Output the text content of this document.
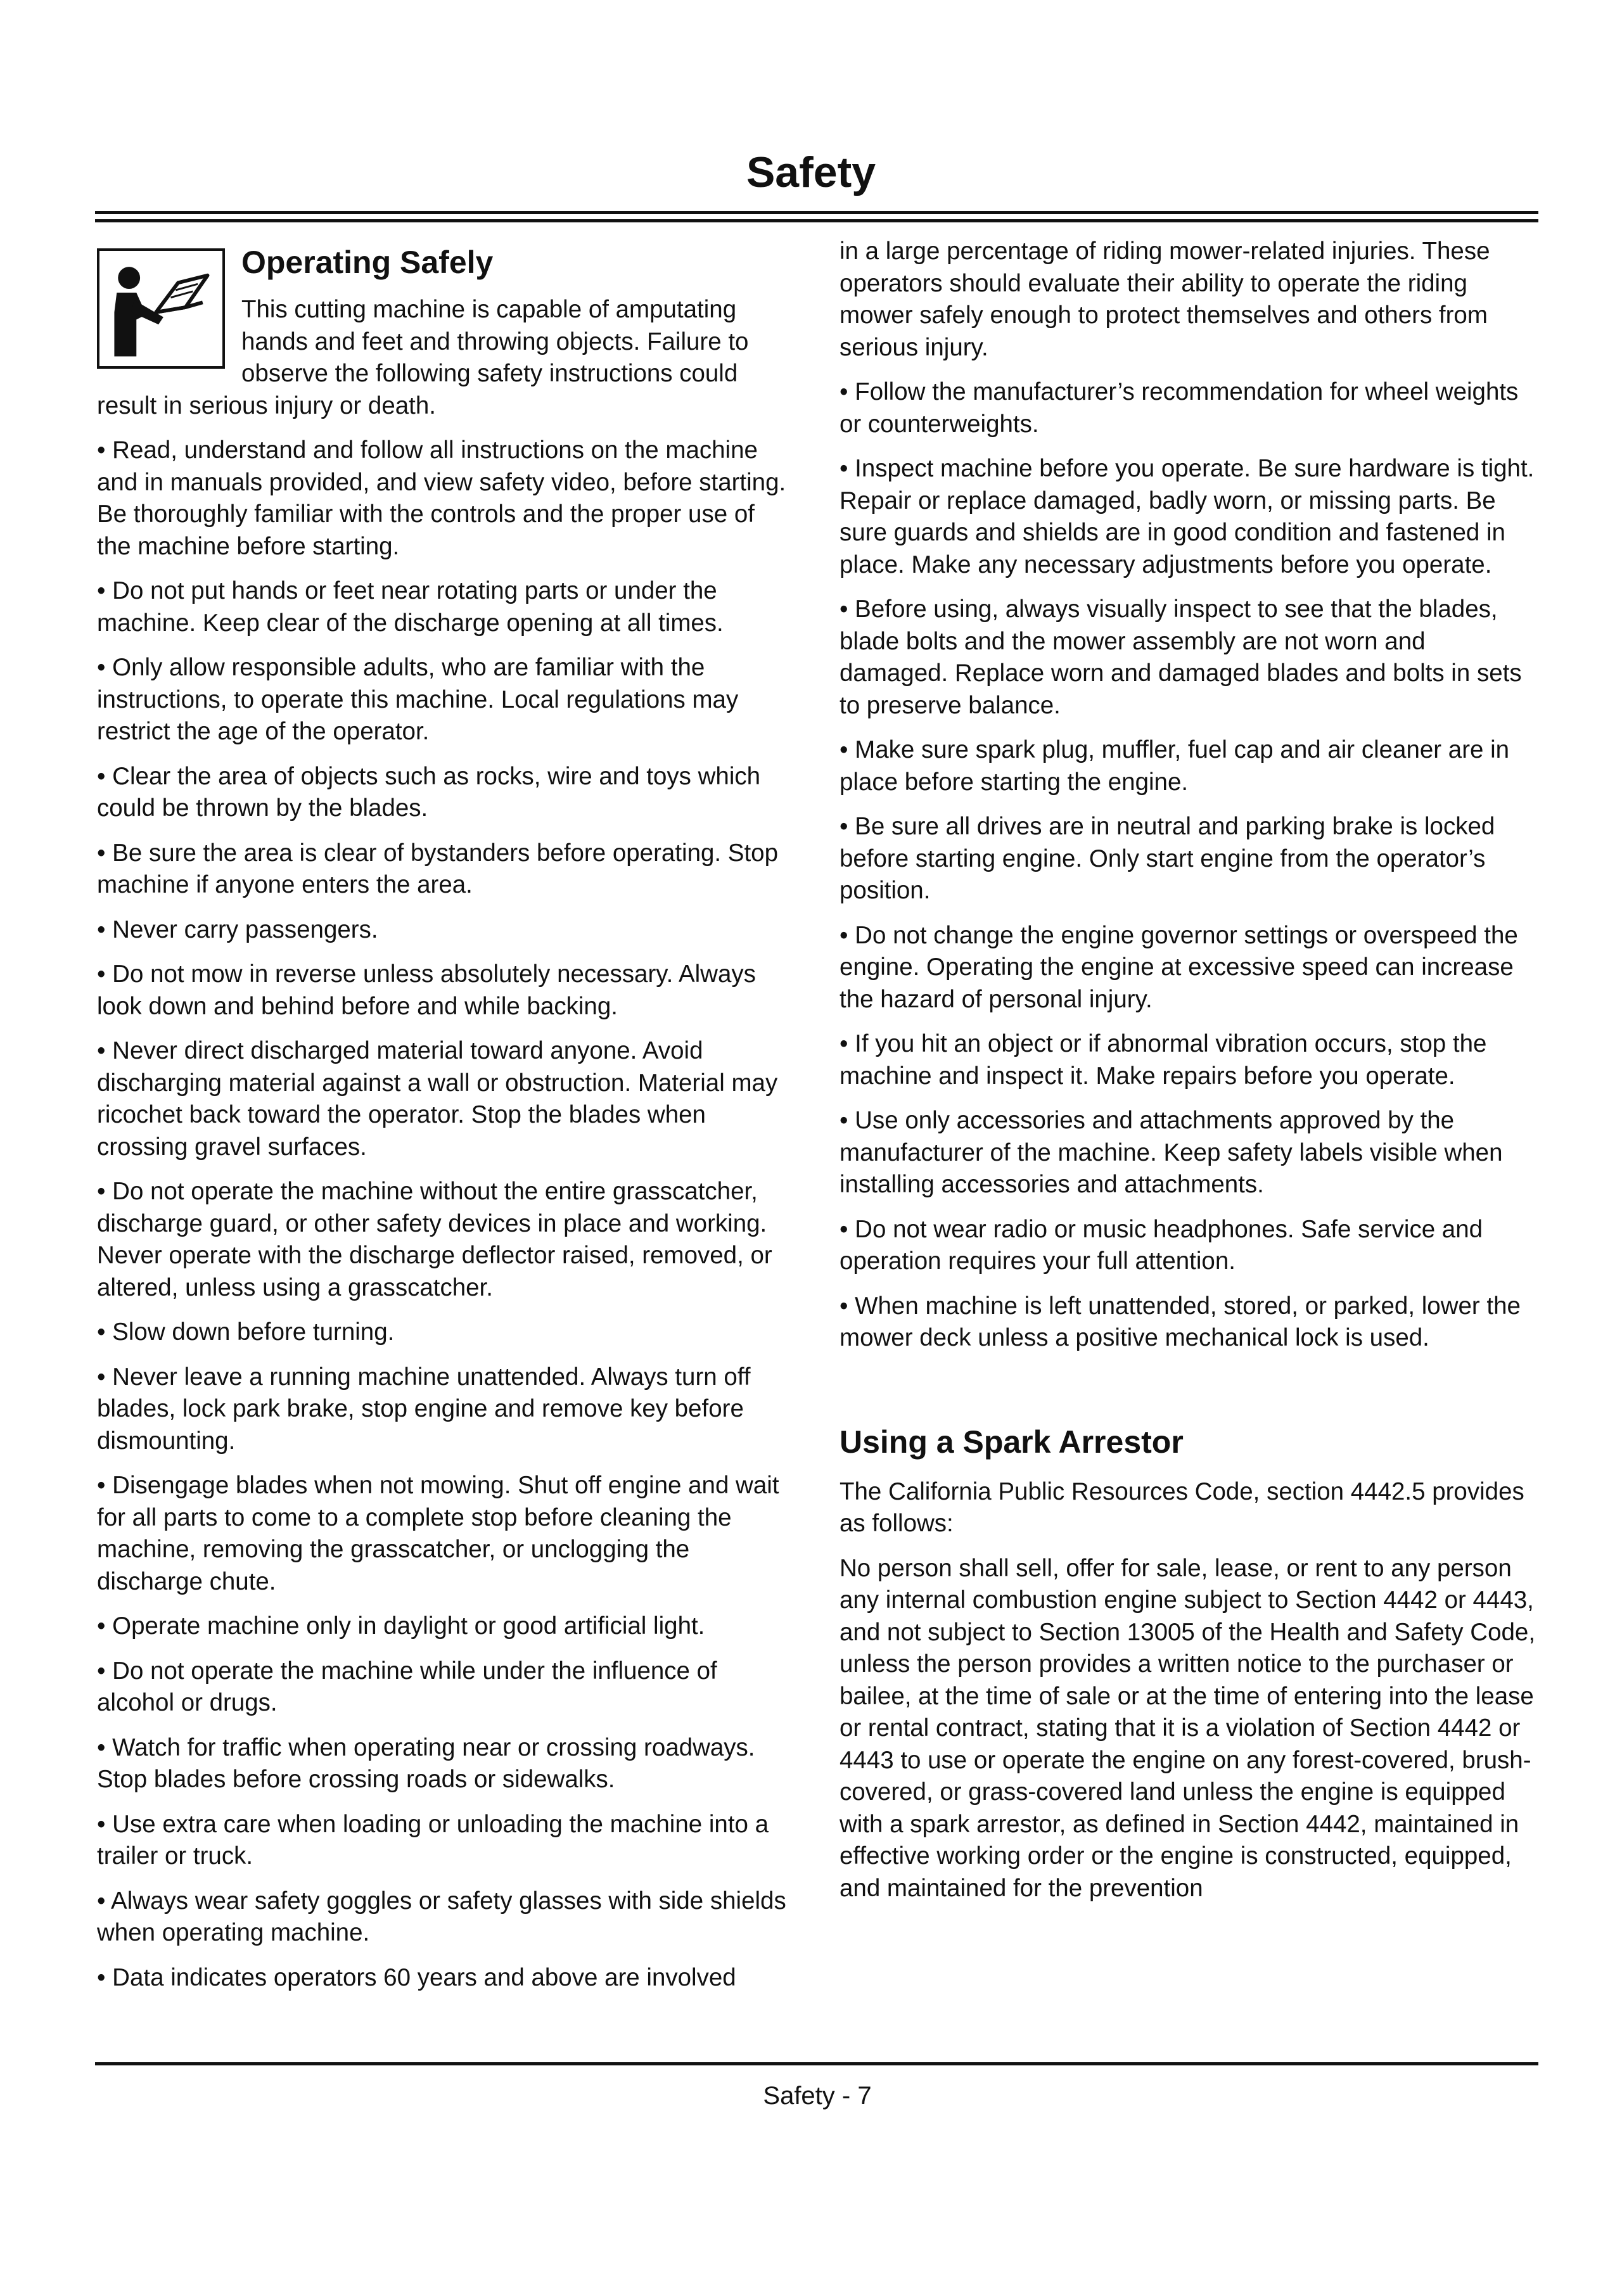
Safety
Operating Safely

This cutting machine is capable of amputating hands and feet and throwing objects. Failure to observe the following safety instructions could result in serious injury or death.

• Read, understand and follow all instructions on the machine and in manuals provided, and view safety video, before starting. Be thoroughly familiar with the controls and the proper use of the machine before starting.

• Do not put hands or feet near rotating parts or under the machine. Keep clear of the discharge opening at all times.

• Only allow responsible adults, who are familiar with the instructions, to operate this machine. Local regulations may restrict the age of the operator.

• Clear the area of objects such as rocks, wire and toys which could be thrown by the blades.

• Be sure the area is clear of bystanders before operating. Stop machine if anyone enters the area.

• Never carry passengers.

• Do not mow in reverse unless absolutely necessary. Always look down and behind before and while backing.

• Never direct discharged material toward anyone. Avoid discharging material against a wall or obstruction. Material may ricochet back toward the operator. Stop the blades when crossing gravel surfaces.

• Do not operate the machine without the entire grasscatcher, discharge guard, or other safety devices in place and working. Never operate with the discharge deflector raised, removed, or altered, unless using a grasscatcher.

• Slow down before turning.

• Never leave a running machine unattended. Always turn off blades, lock park brake, stop engine and remove key before dismounting.

• Disengage blades when not mowing. Shut off engine and wait for all parts to come to a complete stop before cleaning the machine, removing the grasscatcher, or unclogging the discharge chute.

• Operate machine only in daylight or good artificial light.

• Do not operate the machine while under the influence of alcohol or drugs.

• Watch for traffic when operating near or crossing roadways. Stop blades before crossing roads or sidewalks.

• Use extra care when loading or unloading the machine into a trailer or truck.

• Always wear safety goggles or safety glasses with side shields when operating machine.

• Data indicates operators 60 years and above are involved

in a large percentage of riding mower-related injuries. These operators should evaluate their ability to operate the riding mower safely enough to protect themselves and others from serious injury.

• Follow the manufacturer’s recommendation for wheel weights or counterweights.

• Inspect machine before you operate. Be sure hardware is tight. Repair or replace damaged, badly worn, or missing parts. Be sure guards and shields are in good condition and fastened in place. Make any necessary adjustments before you operate.

• Before using, always visually inspect to see that the blades, blade bolts and the mower assembly are not worn and damaged. Replace worn and damaged blades and bolts in sets to preserve balance.

• Make sure spark plug, muffler, fuel cap and air cleaner are in place before starting the engine.

• Be sure all drives are in neutral and parking brake is locked before starting engine. Only start engine from the operator’s position.

• Do not change the engine governor settings or overspeed the engine. Operating the engine at excessive speed can increase the hazard of personal injury.

• If you hit an object or if abnormal vibration occurs, stop the machine and inspect it. Make repairs before you operate.

• Use only accessories and attachments approved by the manufacturer of the machine. Keep safety labels visible when installing accessories and attachments.

• Do not wear radio or music headphones. Safe service and operation requires your full attention.

• When machine is left unattended, stored, or parked, lower the mower deck unless a positive mechanical lock is used.

Using a Spark Arrestor

The California Public Resources Code, section 4442.5 provides as follows:

No person shall sell, offer for sale, lease, or rent to any person any internal combustion engine subject to Section 4442 or 4443, and not subject to Section 13005 of the Health and Safety Code, unless the person provides a written notice to the purchaser or bailee, at the time of sale or at the time of entering into the lease or rental contract, stating that it is a violation of Section 4442 or 4443 to use or operate the engine on any forest-covered, brush-covered, or grass-covered land unless the engine is equipped with a spark arrestor, as defined in Section 4442, maintained in effective working order or the engine is constructed, equipped, and maintained for the prevention

Safety - 7
